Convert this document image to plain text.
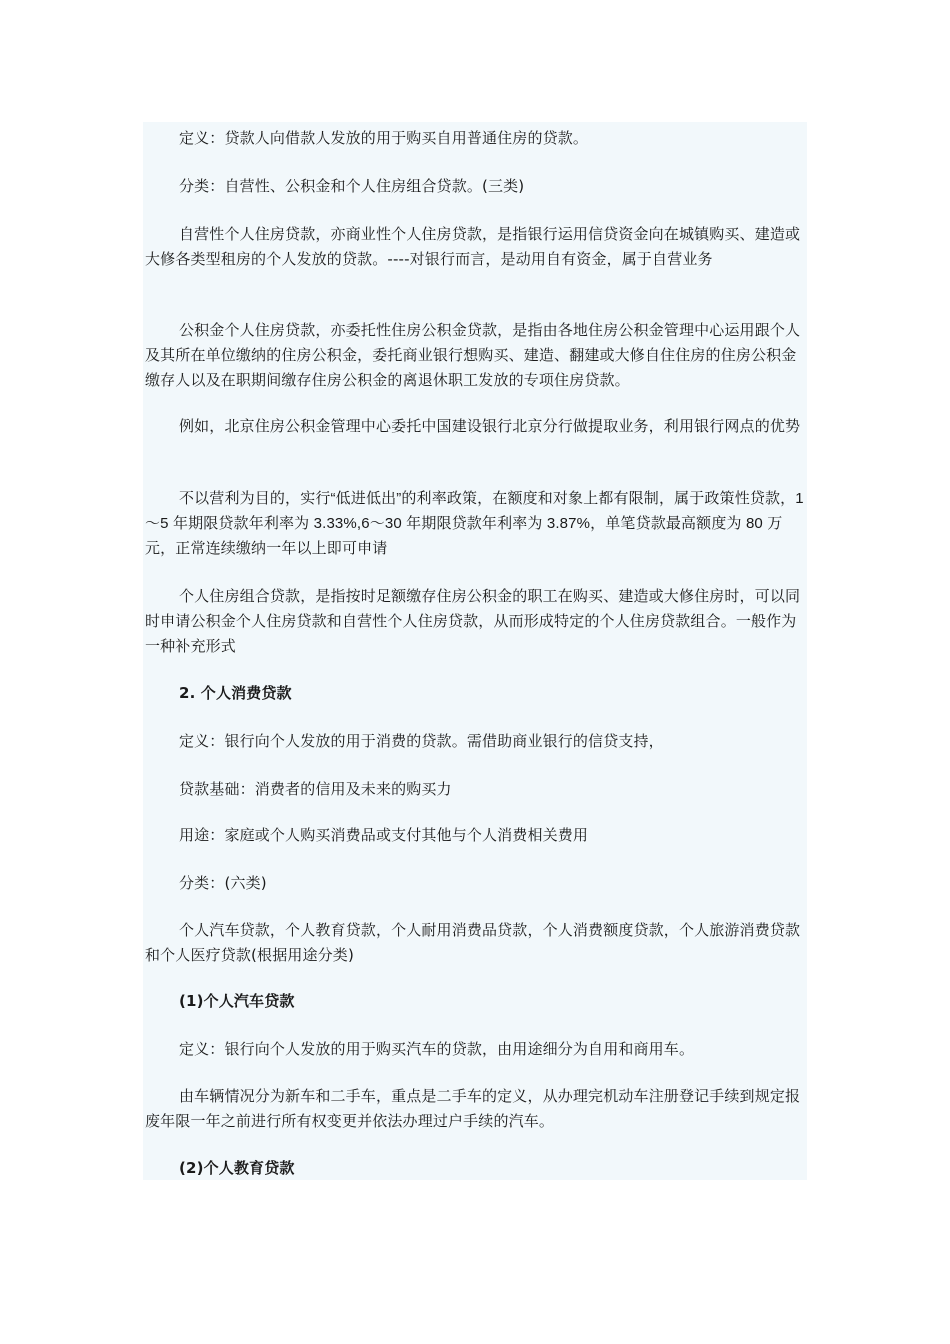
定义：贷款人向借款人发放的用于购买自用普通住房的贷款。

分类：自营性、公积金和个人住房组合贷款。(三类)

自营性个人住房贷款，亦商业性个人住房贷款，是指银行运用信贷资金向在城镇购买、建造或大修各类型租房的个人发放的贷款。----对银行而言，是动用自有资金，属于自营业务

公积金个人住房贷款，亦委托性住房公积金贷款，是指由各地住房公积金管理中心运用跟个人及其所在单位缴纳的住房公积金，委托商业银行想购买、建造、翻建或大修自住住房的住房公积金缴存人以及在职期间缴存住房公积金的离退休职工发放的专项住房贷款。

例如，北京住房公积金管理中心委托中国建设银行北京分行做提取业务，利用银行网点的优势

不以营利为目的，实行“低进低出”的利率政策，在额度和对象上都有限制，属于政策性贷款，1～5 年期限贷款年利率为 3.33%,6～30 年期限贷款年利率为 3.87%，单笔贷款最高额度为 80 万元，正常连续缴纳一年以上即可申请

个人住房组合贷款，是指按时足额缴存住房公积金的职工在购买、建造或大修住房时，可以同时申请公积金个人住房贷款和自营性个人住房贷款，从而形成特定的个人住房贷款组合。一般作为一种补充形式

2. 个人消费贷款

定义：银行向个人发放的用于消费的贷款。需借助商业银行的信贷支持，

贷款基础：消费者的信用及未来的购买力

用途：家庭或个人购买消费品或支付其他与个人消费相关费用

分类：(六类)

个人汽车贷款，个人教育贷款，个人耐用消费品贷款，个人消费额度贷款，个人旅游消费贷款和个人医疗贷款(根据用途分类)

(1)个人汽车贷款

定义：银行向个人发放的用于购买汽车的贷款，由用途细分为自用和商用车。

由车辆情况分为新车和二手车，重点是二手车的定义，从办理完机动车注册登记手续到规定报废年限一年之前进行所有权变更并依法办理过户手续的汽车。

(2)个人教育贷款
